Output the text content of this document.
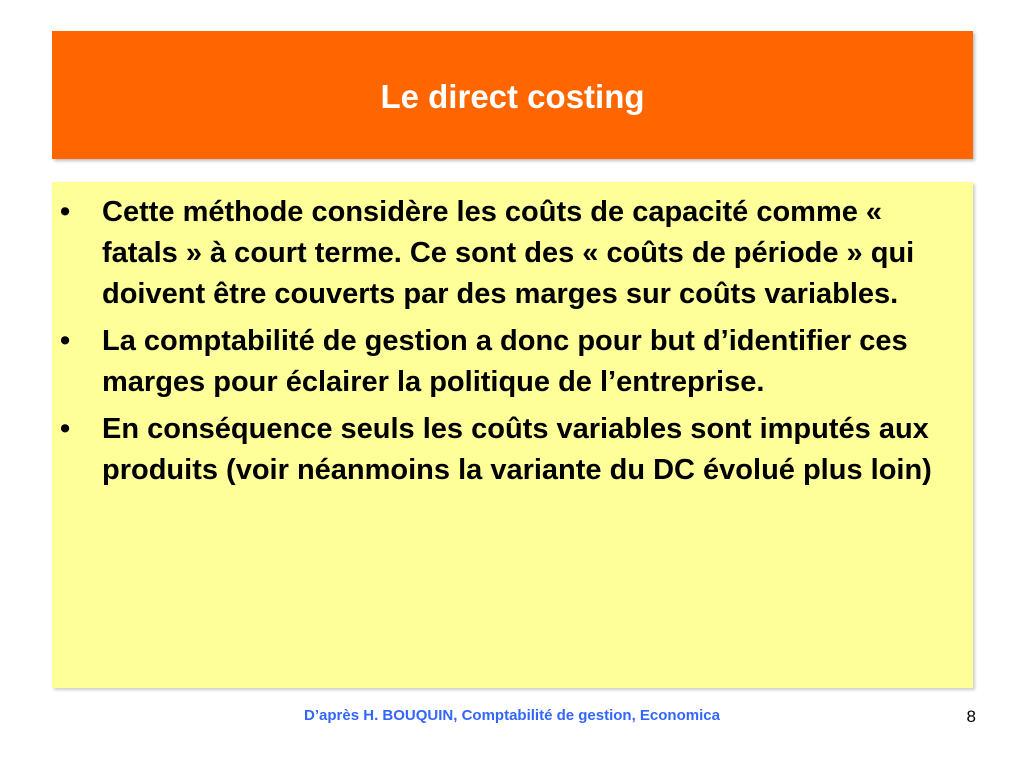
Le direct costing
• Cette méthode considère les coûts de capacité comme « fatals » à court terme. Ce sont des « coûts de période » qui doivent être couverts par des marges sur coûts variables.
• La comptabilité de gestion a donc pour but d’identifier ces marges pour éclairer la politique de l’entreprise.
• En conséquence seuls les coûts variables sont imputés aux produits (voir néanmoins la variante du DC évolué plus loin)
D’après H. BOUQUIN, Comptabilité de gestion, Economica	8
